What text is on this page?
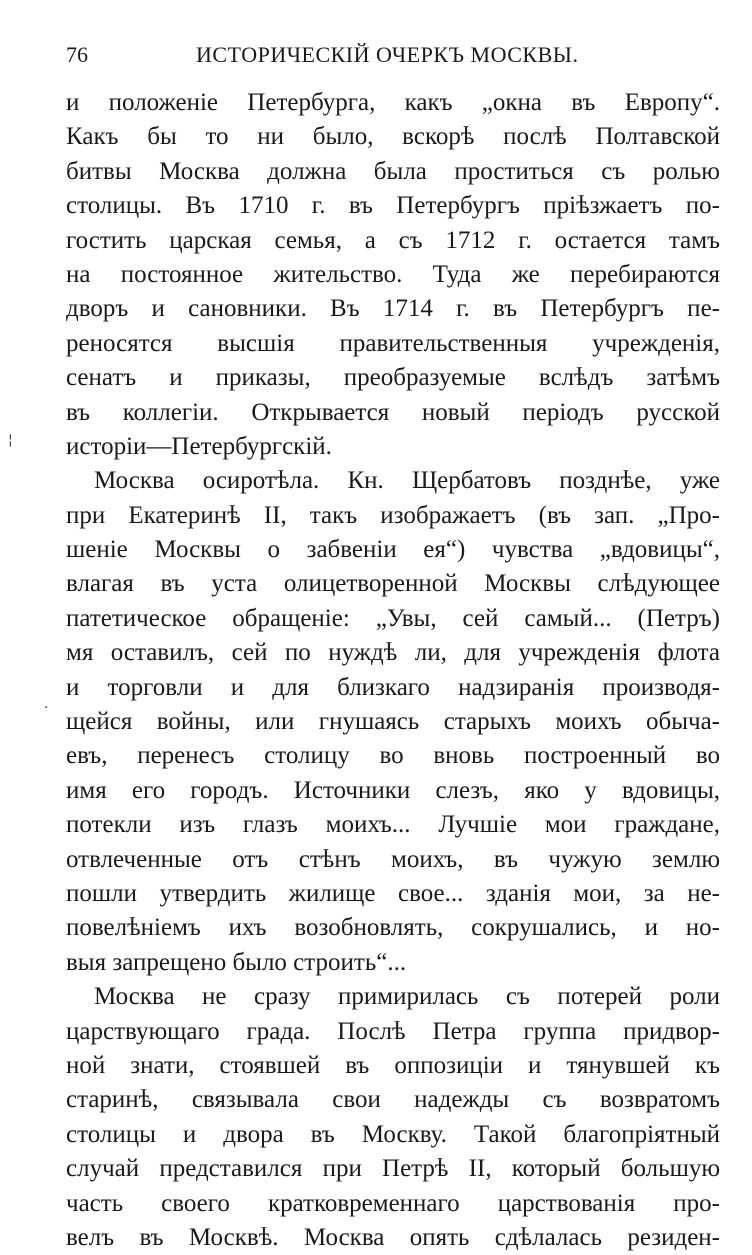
76	ИСТОРИЧЕСКІЙ ОЧЕРКЪ МОСКВЫ.
¦
·
и положеніе Петербурга, какъ „окна въ Европу“.
Какъ бы то ни было, вскорѣ послѣ Полтавской
битвы Москва должна была проститься съ ролью
столицы. Въ 1710 г. въ Петербургъ пріѣзжаетъ по-
гостить царская семья, а съ 1712 г. остается тамъ
на постоянное жительство. Туда же перебираются
дворъ и сановники. Въ 1714 г. въ Петербургъ пе-
реносятся высшія правительственныя учрежденія,
сенатъ и приказы, преобразуемые вслѣдъ затѣмъ
въ коллегіи. Открывается новый періодъ русской
исторіи—Петербургскій.
Москва осиротѣла. Кн. Щербатовъ позднѣе, уже
при Екатеринѣ II, такъ изображаетъ (въ зап. „Про-
шеніе Москвы о забвеніи ея“) чувства „вдовицы“,
влагая въ уста олицетворенной Москвы слѣдующее
патетическое обращеніе: „Увы, сей самый... (Петръ)
мя оставилъ, сей по нуждѣ ли, для учрежденія флота
и торговли и для близкаго надзиранія производя-
щейся войны, или гнушаясь старыхъ моихъ обыча-
евъ, перенесъ столицу во вновь построенный во
имя его городъ. Источники слезъ, яко у вдовицы,
потекли изъ глазъ моихъ... Лучшіе мои граждане,
отвлеченные отъ стѣнъ моихъ, въ чужую землю
пошли утвердить жилище свое... зданія мои, за не-
повелѣніемъ ихъ возобновлять, сокрушались, и но-
выя запрещено было строить“...
Москва не сразу примирилась съ потерей роли
царствующаго града. Послѣ Петра группа придвор-
ной знати, стоявшей въ оппозиціи и тянувшей къ
старинѣ, связывала свои надежды съ возвратомъ
столицы и двора въ Москву. Такой благопріятный
случай представился при Петрѣ II, который большую
часть своего кратковременнаго царствованія про-
велъ въ Москвѣ. Москва опять сдѣлалась резиден-
